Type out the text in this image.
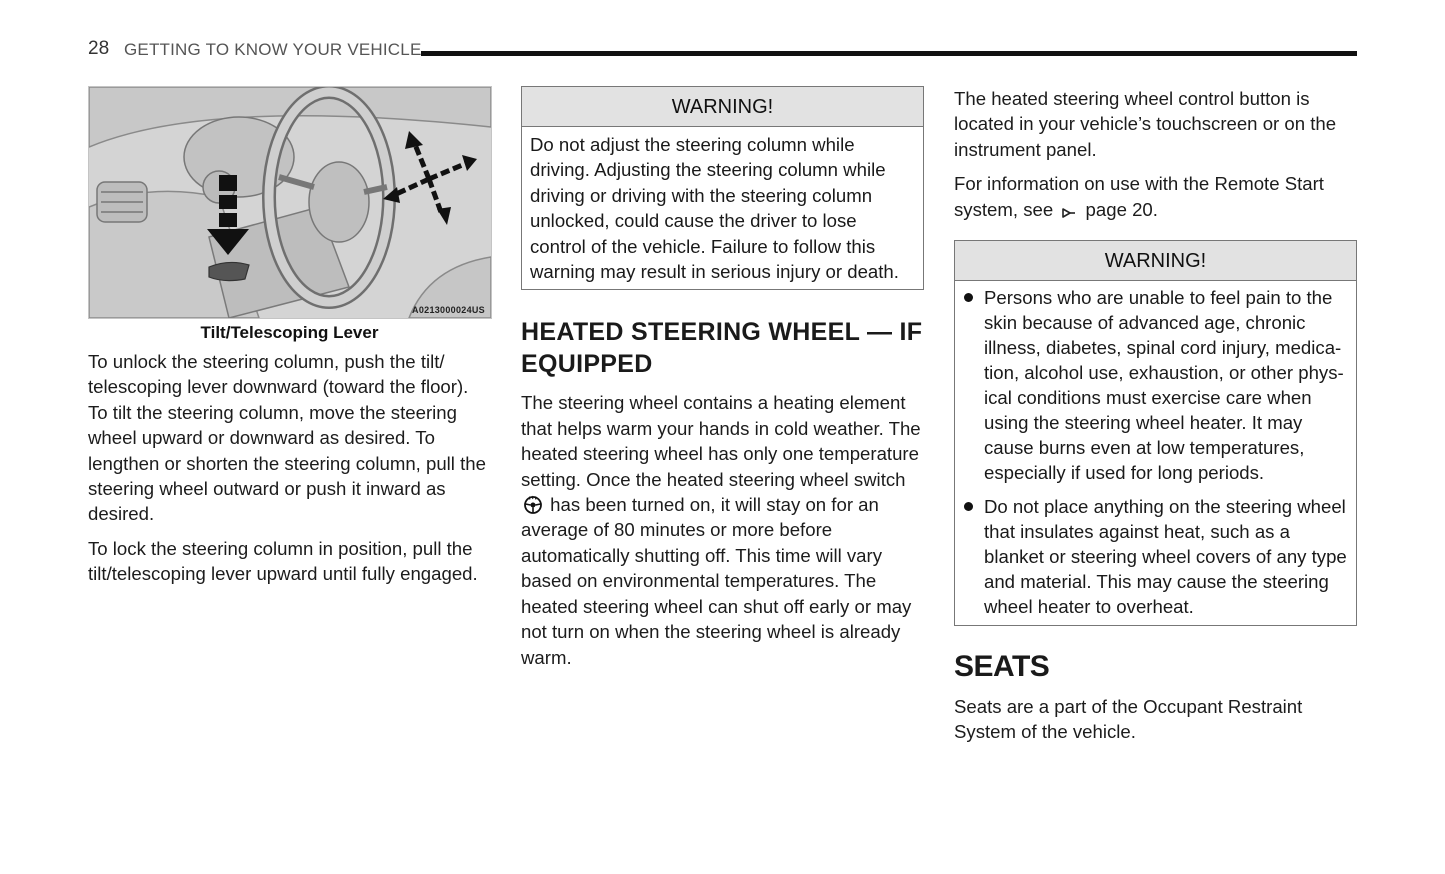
28 GETTING TO KNOW YOUR VEHICLE
A0213000024US
Tilt/Telescoping Lever

To unlock the steering column, push the tilt/ telescoping lever downward (toward the floor). To tilt the steering column, move the steering wheel upward or downward as desired. To lengthen or shorten the steering column, pull the steering wheel outward or push it inward as desired.

To lock the steering column in position, pull the tilt/telescoping lever upward until fully engaged.

WARNING!
Do not adjust the steering column while driving. Adjusting the steering column while driving or driving with the steering column unlocked, could cause the driver to lose control of the vehicle. Failure to follow this warning may result in serious injury or death.
HEATED STEERING WHEEL — IF EQUIPPED

The steering wheel contains a heating element that helps warm your hands in cold weather. The heated steering wheel has only one temperature setting. Once the heated steering wheel switch  has been turned on, it will stay on for an average of 80 minutes or more before automatically shutting off. This time will vary based on environmental temperatures. The heated steering wheel can shut off early or may not turn on when the steering wheel is already warm.

The heated steering wheel control button is located in your vehicle’s touchscreen or on the instrument panel.

For information on use with the Remote Start system, see page 20.

WARNING!
Persons who are unable to feel pain to the skin because of advanced age, chronic illness, diabetes, spinal cord injury, medica- tion, alcohol use, exhaustion, or other phys- ical conditions must exercise care when using the steering wheel heater. It may cause burns even at low temperatures, especially if used for long periods.
Do not place anything on the steering wheel that insulates against heat, such as a blanket or steering wheel covers of any type and material. This may cause the steering wheel heater to overheat.
SEATS

Seats are a part of the Occupant Restraint System of the vehicle.
